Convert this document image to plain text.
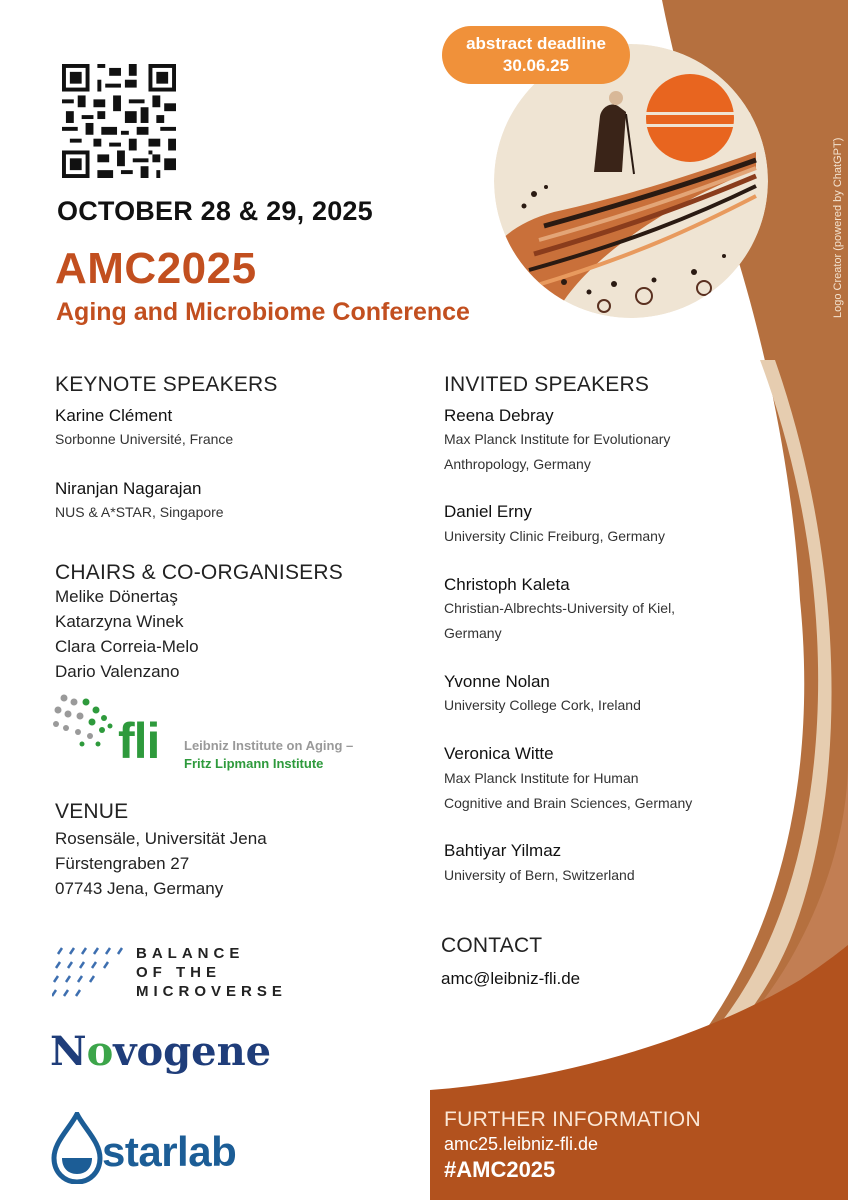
OCTOBER 28 & 29, 2025
AMC2025
Aging and Microbiome Conference
abstract deadline
30.06.25
Logo Creator (powered by ChatGPT)
KEYNOTE SPEAKERS
Karine Clément
Sorbonne Université, France
Niranjan Nagarajan
NUS & A*STAR, Singapore
CHAIRS & CO-ORGANISERS
Melike Dönertaş
Katarzyna Winek
Clara Correia-Melo
Dario Valenzano
fli Leibniz Institute on Aging –
Fritz Lipmann Institute
VENUE
Rosensäle, Universität Jena
Fürstengraben 27
07743 Jena, Germany
BALANCE
OF THE
MICROVERSE
Novogene
starlab
INVITED SPEAKERS
Reena Debray
Max Planck Institute for Evolutionary
Anthropology, Germany
Daniel Erny
University Clinic Freiburg, Germany
Christoph Kaleta
Christian-Albrechts-University of Kiel,
Germany
Yvonne Nolan
University College Cork, Ireland
Veronica Witte
Max Planck Institute for Human
Cognitive and Brain Sciences, Germany
Bahtiyar Yilmaz
University of Bern, Switzerland
CONTACT
amc@leibniz-fli.de
FURTHER INFORMATION
amc25.leibniz-fli.de
#AMC2025
